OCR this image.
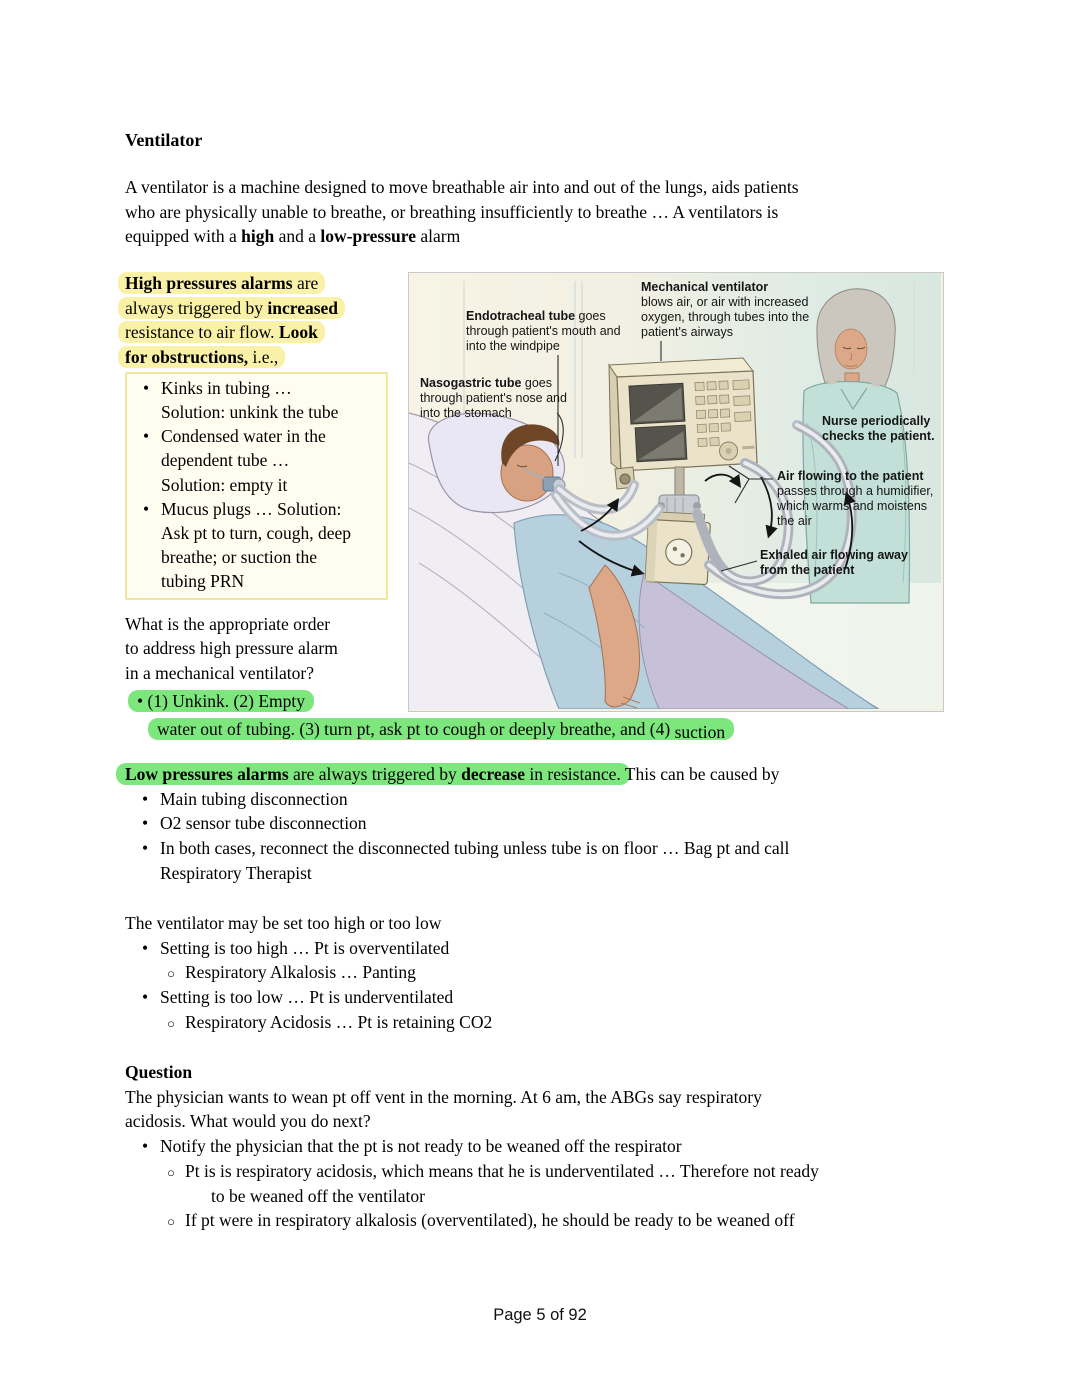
Ventilator
A ventilator is a machine designed to move breathable air into and out of the lungs, aids patients
who are physically unable to breathe, or breathing insufficiently to breathe … A ventilators is
equipped with a high and a low-pressure alarm
High pressures alarms are
always triggered by increased
resistance to air flow. Look
for obstructions, i.e.,
• Kinks in tubing …
Solution: unkink the tube
• Condensed water in the
dependent tube …
Solution: empty it
• Mucus plugs … Solution:
Ask pt to turn, cough, deep
breathe; or suction the
tubing PRN
What is the appropriate order
to address high pressure alarm
in a mechanical ventilator?
• (1) Unkink. (2) Empty
water out of tubing. (3) turn pt, ask pt to cough or deeply breathe, and (4) suction
Low pressures alarms are always triggered by decrease in resistance. This can be caused by
• Main tubing disconnection
• O2 sensor tube disconnection
• In both cases, reconnect the disconnected tubing unless tube is on floor … Bag pt and call
Respiratory Therapist
The ventilator may be set too high or too low
• Setting is too high … Pt is overventilated
○ Respiratory Alkalosis … Panting
• Setting is too low … Pt is underventilated
○ Respiratory Acidosis … Pt is retaining CO2
Question
The physician wants to wean pt off vent in the morning. At 6 am, the ABGs say respiratory
acidosis. What would you do next?
• Notify the physician that the pt is not ready to be weaned off the respirator
○ Pt is is respiratory acidosis, which means that he is underventilated … Therefore not ready
to be weaned off the ventilator
○ If pt were in respiratory alkalosis (overventilated), he should be ready to be weaned off
Page 5 of 92
Mechanical ventilator
blows air, or air with increased oxygen, through tubes into the patient's airways
Endotracheal tube goes through patient's mouth and into the windpipe
Nasogastric tube goes through patient's nose and into the stomach
Nurse periodically checks the patient.
Air flowing to the patient
passes through a humidifier, which warms and moistens the air
Exhaled air flowing away from the patient
